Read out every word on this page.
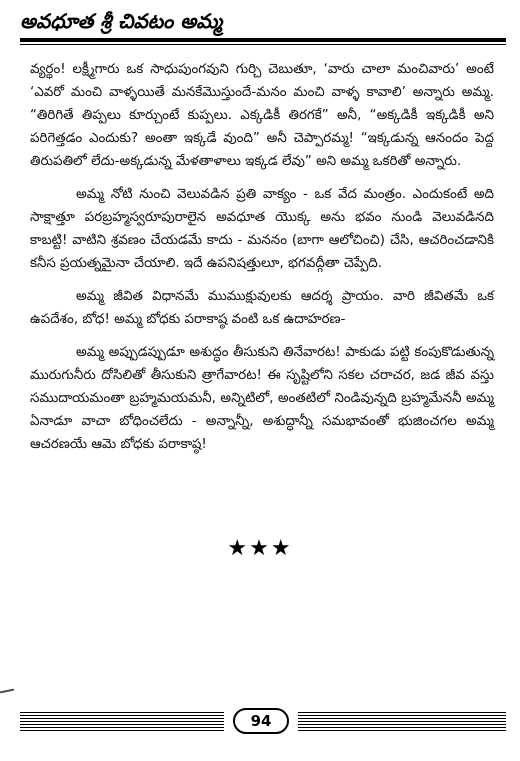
అవధూత శ్రీ చివటం అమ్మ

వ్యర్థం! లక్ష్మీగారు ఒక సాధుపుంగవుని గుర్చి చెబుతూ, ‘వారు చాలా మంచివారు’ అంటే ‘ఎవరో మంచి వాళ్ళయితే మనకేమొస్తుందే-మనం మంచి వాళ్ళ కావాలి’ అన్నారు అమ్మ. “తిరిగితే తిప్పలు కూర్చుంటే కుప్పలు. ఎక్కడికీ తిరగకే” అనీ, “అక్కడికీ ఇక్కడికీ అని పరిగెత్తడం ఎందుకు? అంతా ఇక్కడే వుంది” అనీ చెప్పారమ్మ! “ఇక్కడున్న ఆనందం పెద్ద తిరుపతిలో లేదు-అక్కడున్న మేళతాళాలు ఇక్కడ లేవు” అని అమ్మ ఒకరితో అన్నారు.

అమ్మ నోటి నుంచి వెలువడిన ప్రతి వాక్యం - ఒక వేద మంత్రం. ఎందుకంటే అది సాక్షాత్తూ పరబ్రహ్మస్వరూపురాలైన అవధూత యొక్క అను భవం నుండి వెలువడినది కాబట్టి! వాటిని శ్రవణం చేయడమే కాదు - మననం (బాగా ఆలోచించి) చేసి, ఆచరించడానికి కనీస ప్రయత్నమైనా చేయాలి. ఇదే ఉపనిషత్తులూ, భగవద్గీతా చెప్పేది.

అమ్మ జీవిత విధానమే ముముక్షువులకు ఆదర్శ ప్రాయం. వారి జీవితమే ఒక ఉపదేశం, బోధ! అమ్మ బోధకు పరాకాష్ఠ వంటి ఒక ఉదాహరణ-

అమ్మ అప్పుడప్పుడూ అశుద్ధం తీసుకుని తినేవారట! పాకుడు పట్టి కంపుకొడుతున్న మురుగునీరు దోసిలితో తీసుకుని త్రాగేవారట! ఈ సృష్టిలోని సకల చరాచర, జడ జీవ వస్తు సముదాయమంతా బ్రహ్మమయమనీ, అన్నిటిలో, అంతటిలో నిండివున్నది బ్రహ్మమేననీ అమ్మ ఏనాడూ వాచా బోధించలేదు - అన్నాన్నీ, అశుద్ధాన్నీ సమభావంతో భుజించగల అమ్మ ఆచరణయే ఆమె బోధకు పరాకాష్ఠ!

★★★
94
